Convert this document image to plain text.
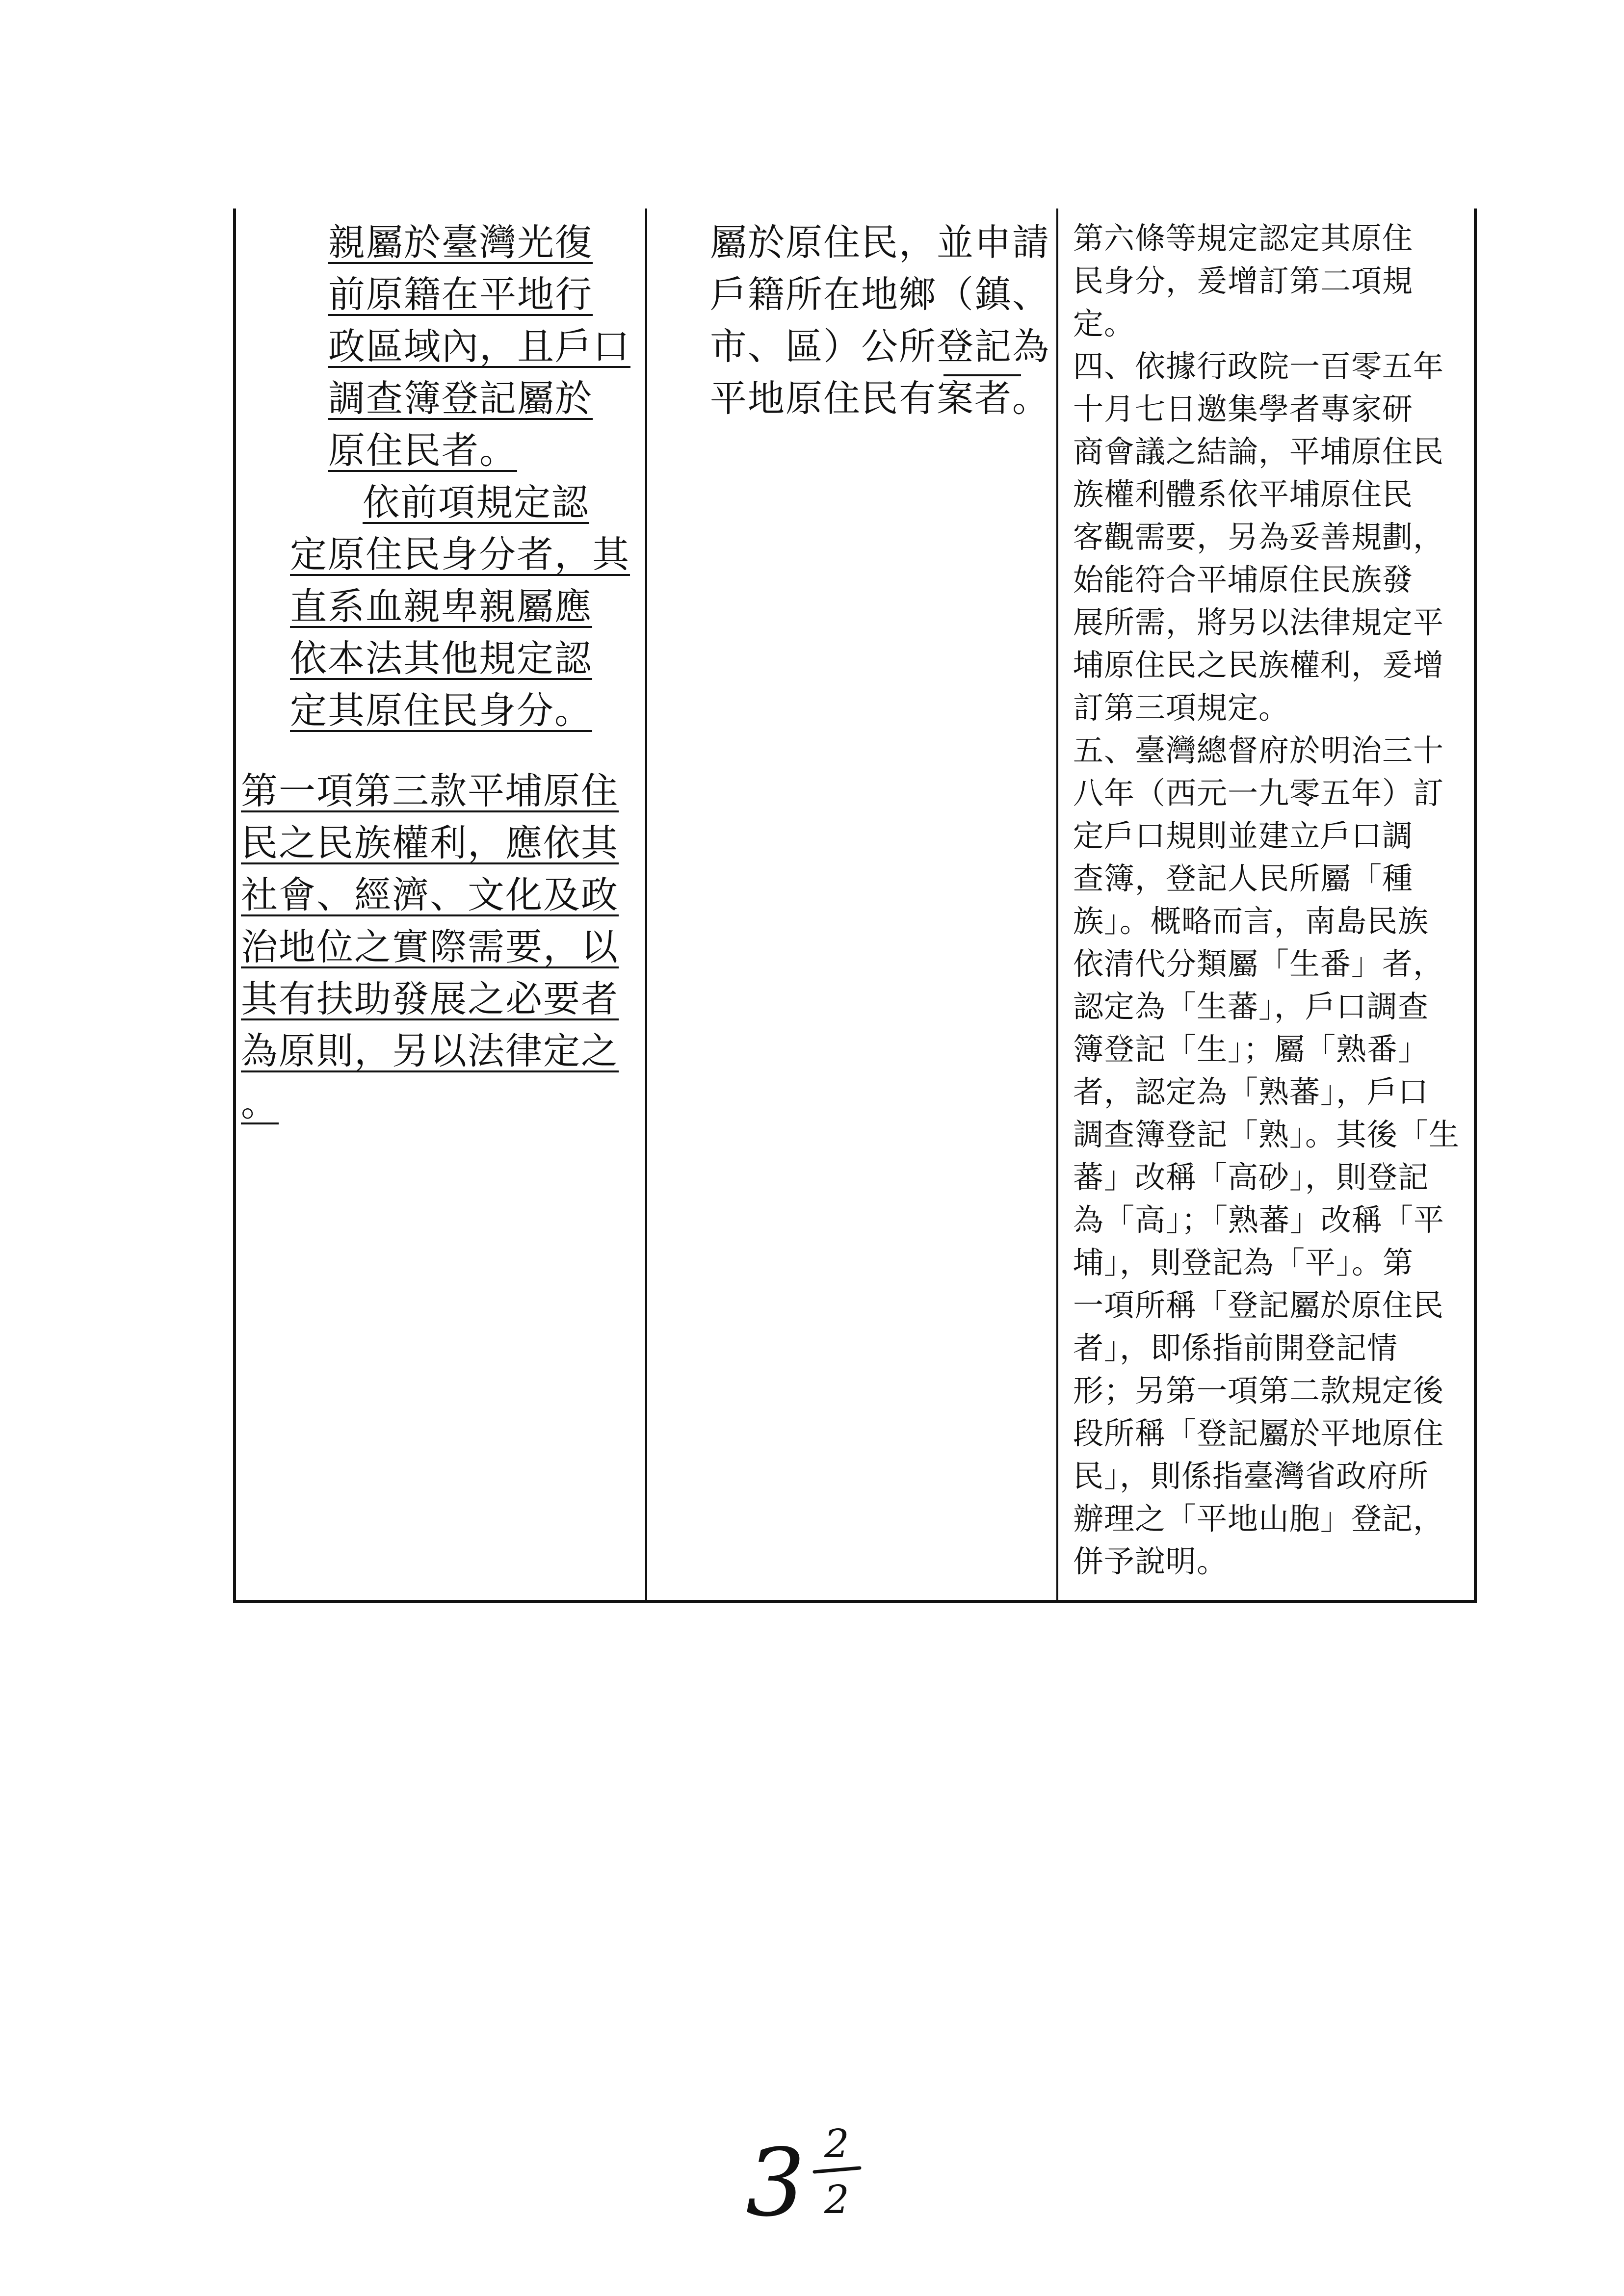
親屬於臺灣光復
前原籍在平地行
政區域內，且戶口
調查簿登記屬於
原住民者。
依前項規定認
定原住民身分者，其
直系血親卑親屬應
依本法其他規定認
定其原住民身分。
第一項第三款平埔原住
民之民族權利，應依其
社會、經濟、文化及政
治地位之實際需要，以
其有扶助發展之必要者
為原則，另以法律定之
。
屬於原住民，並申請
戶籍所在地鄉（鎮、
市、區）公所登記為
平地原住民有案者。
第六條等規定認定其原住
民身分，爰增訂第二項規
定。
四、依據行政院一百零五年
十月七日邀集學者專家研
商會議之結論，平埔原住民
族權利體系依平埔原住民
客觀需要，另為妥善規劃，
始能符合平埔原住民族發
展所需，將另以法律規定平
埔原住民之民族權利，爰增
訂第三項規定。
五、臺灣總督府於明治三十
八年（西元一九零五年）訂
定戶口規則並建立戶口調
查簿，登記人民所屬「種
族」。概略而言，南島民族
依清代分類屬「生番」者，
認定為「生蕃」，戶口調查
簿登記「生」；屬「熟番」
者，認定為「熟蕃」，戶口
調查簿登記「熟」。其後「生
蕃」改稱「高砂」，則登記
為「高」；「熟蕃」改稱「平
埔」，則登記為「平」。第
一項所稱「登記屬於原住民
者」，即係指前開登記情
形；另第一項第二款規定後
段所稱「登記屬於平地原住
民」，則係指臺灣省政府所
辦理之「平地山胞」登記，
併予說明。
3 2
2
